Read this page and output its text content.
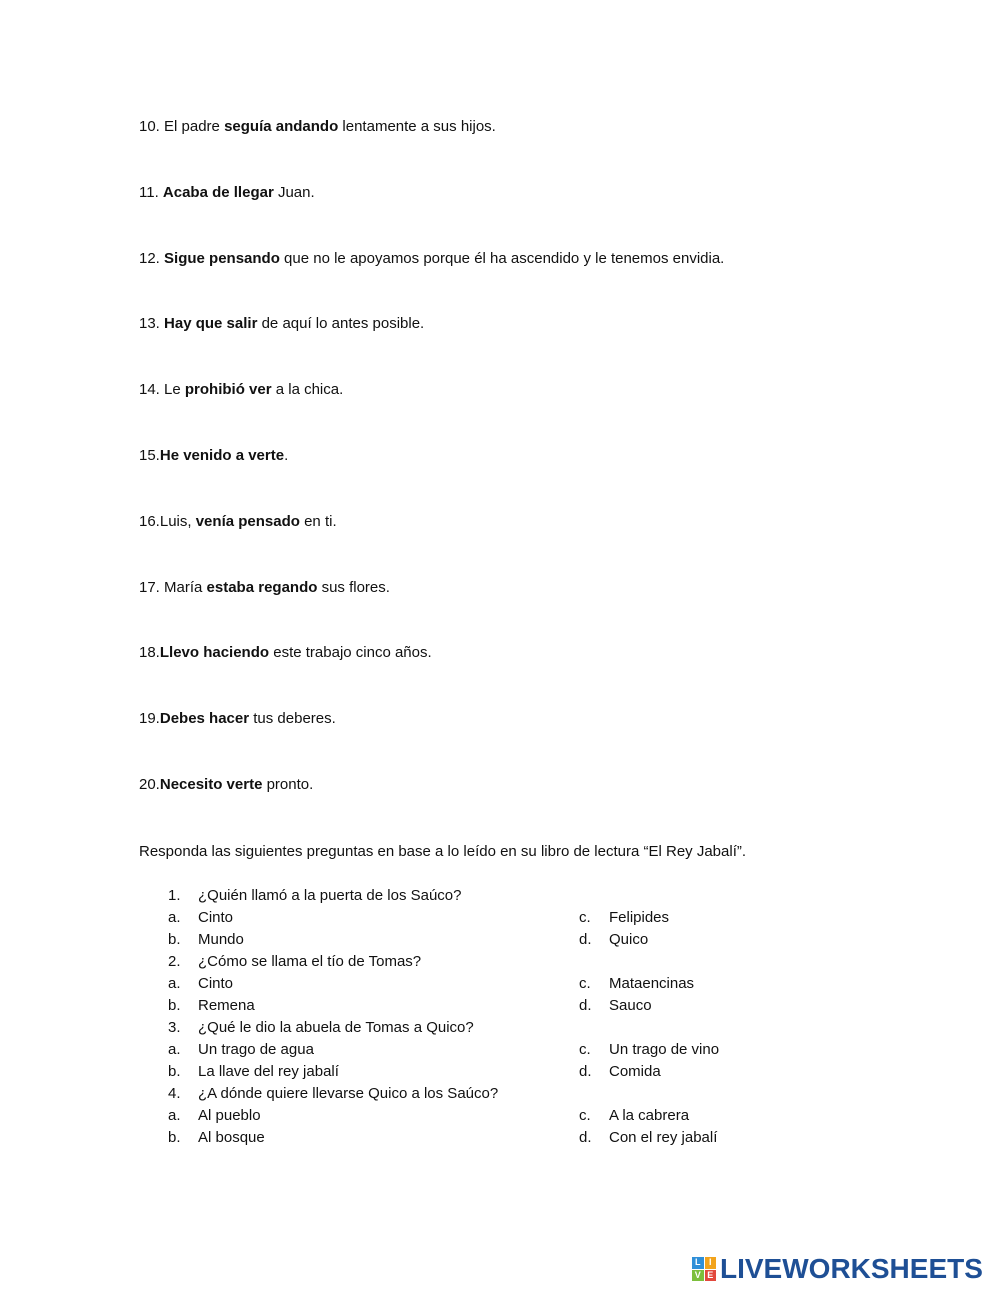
10. El padre seguía andando lentamente a sus hijos.
11. Acaba de llegar Juan.
12. Sigue pensando que no le apoyamos porque él ha ascendido y le tenemos envidia.
13. Hay que salir de aquí lo antes posible.
14. Le prohibió ver a la chica.
15.He venido a verte.
16.Luis, venía pensado en ti.
17. María estaba regando sus flores.
18.Llevo haciendo este trabajo cinco años.
19.Debes hacer tus deberes.
20.Necesito verte pronto.
Responda las siguientes preguntas en base a lo leído en su libro de lectura “El Rey Jabalí”.
1. ¿Quién llamó a la puerta de los Saúco?
a. Cinto	c. Felipides
b. Mundo	d. Quico
2. ¿Cómo se llama el tío de Tomas?
a. Cinto	c. Mataencinas
b. Remena	d. Sauco
3. ¿Qué le dio la abuela de Tomas a Quico?
a. Un trago de agua	c. Un trago de vino
b. La llave del rey jabalí	d. Comida
4. ¿A dónde quiere llevarse Quico a los Saúco?
a. Al pueblo	c. A la cabrera
b. Al bosque	d. Con el rey jabalí
L I
V E LIVEWORKSHEETS
